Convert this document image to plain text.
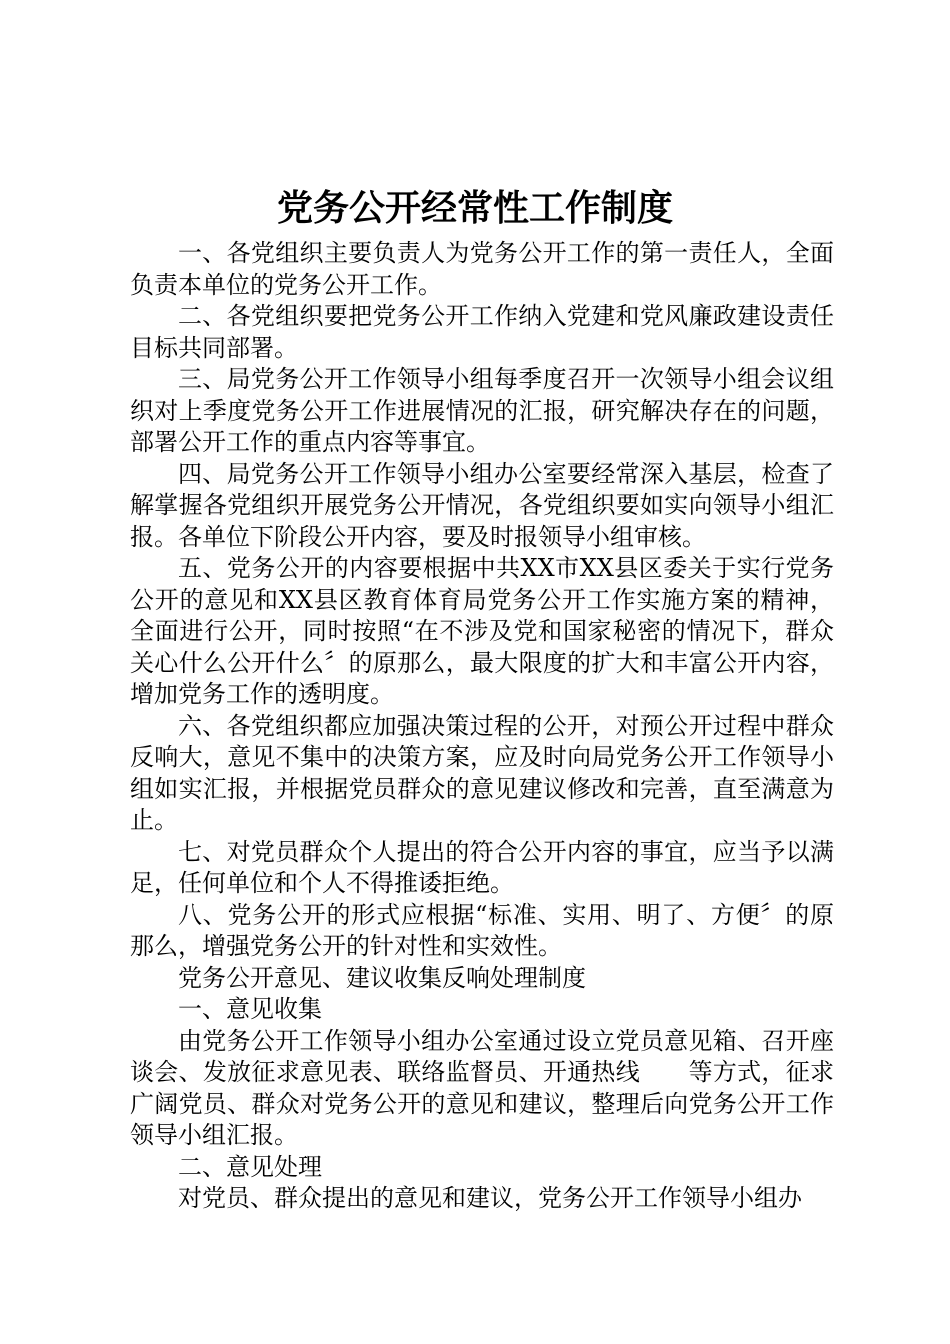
党务公开经常性工作制度

一、各党组织主要负责人为党务公开工作的第一责任人，全面负责本单位的党务公开工作。

二、各党组织要把党务公开工作纳入党建和党风廉政建设责任目标共同部署。

三、局党务公开工作领导小组每季度召开一次领导小组会议组织对上季度党务公开工作进展情况的汇报，研究解决存在的问题，部署公开工作的重点内容等事宜。

四、局党务公开工作领导小组办公室要经常深入基层，检查了解掌握各党组织开展党务公开情况，各党组织要如实向领导小组汇报。各单位下阶段公开内容，要及时报领导小组审核。

五、党务公开的内容要根据中共XX市XX县区委关于实行党务公开的意见和XX县区教育体育局党务公开工作实施方案的精神，全面进行公开，同时按照“在不涉及党和国家秘密的情况下，群众关心什么公开什么〞的原那么，最大限度的扩大和丰富公开内容，增加党务工作的透明度。

六、各党组织都应加强决策过程的公开，对预公开过程中群众反响大，意见不集中的决策方案，应及时向局党务公开工作领导小组如实汇报，并根据党员群众的意见建议修改和完善，直至满意为止。

七、对党员群众个人提出的符合公开内容的事宜，应当予以满足，任何单位和个人不得推诿拒绝。

八、党务公开的形式应根据“标准、实用、明了、方便〞的原那么，增强党务公开的针对性和实效性。

党务公开意见、建议收集反响处理制度

一、意见收集

由党务公开工作领导小组办公室通过设立党员意见箱、召开座谈会、发放征求意见表、联络监督员、开通热线　　等方式，征求广阔党员、群众对党务公开的意见和建议，整理后向党务公开工作领导小组汇报。

二、意见处理

对党员、群众提出的意见和建议，党务公开工作领导小组办
